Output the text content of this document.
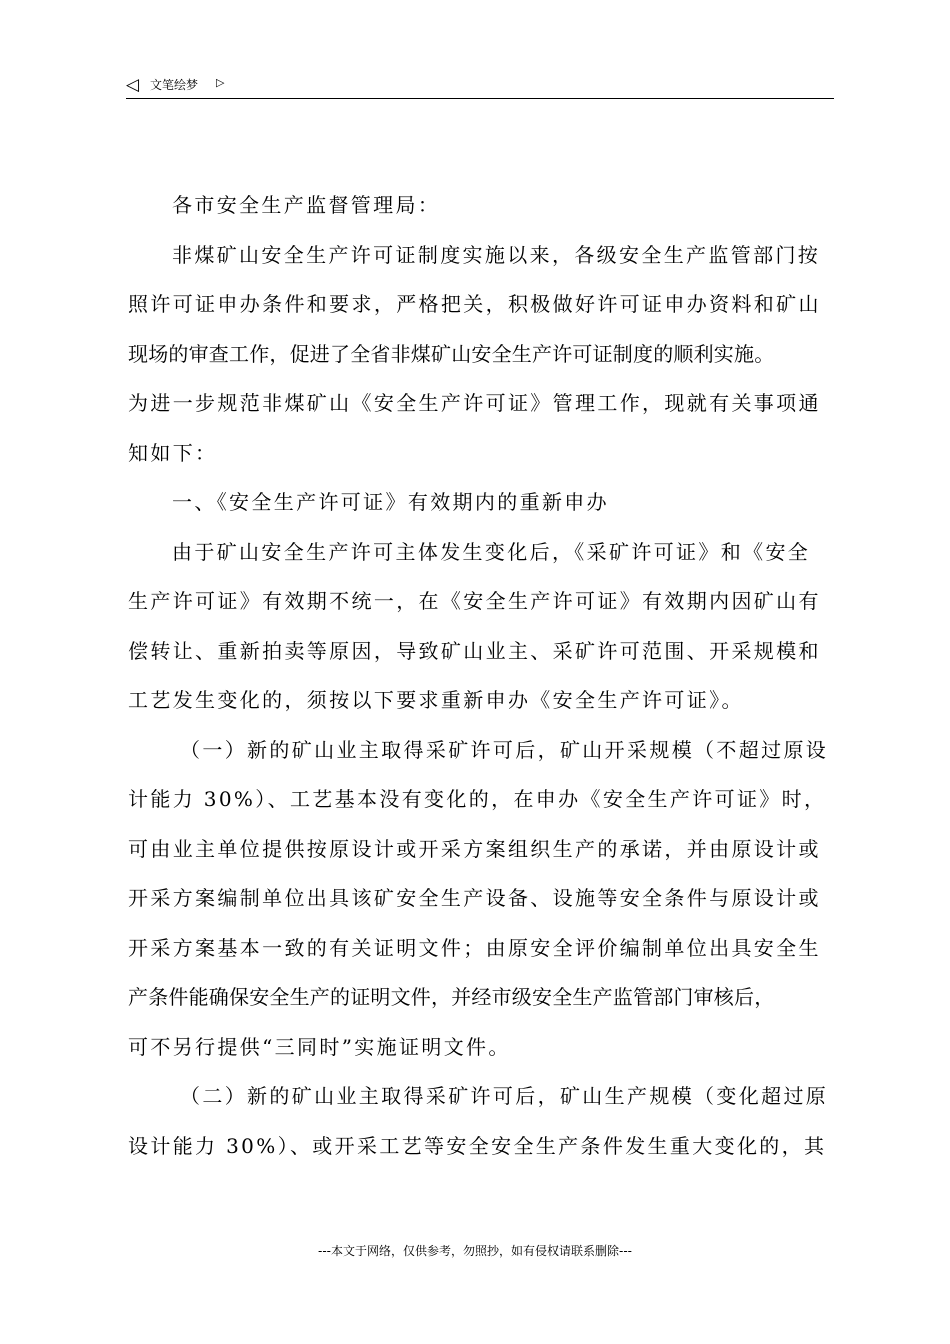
◁ 文笔绘梦 ▷
各市安全生产监督管理局：
非煤矿山安全生产许可证制度实施以来，各级安全生产监管部门按
照许可证申办条件和要求，严格把关，积极做好许可证申办资料和矿山
现场的审查工作，促进了全省非煤矿山安全生产许可证制度的顺利实施。
为进一步规范非煤矿山《安全生产许可证》管理工作，现就有关事项通
知如下：
一、《安全生产许可证》有效期内的重新申办
由于矿山安全生产许可主体发生变化后，《采矿许可证》和《安全
生产许可证》有效期不统一，在《安全生产许可证》有效期内因矿山有
偿转让、重新拍卖等原因，导致矿山业主、采矿许可范围、开采规模和
工艺发生变化的，须按以下要求重新申办《安全生产许可证》。
（一）新的矿山业主取得采矿许可后，矿山开采规模（不超过原设
计能力 30%）、工艺基本没有变化的，在申办《安全生产许可证》时，
可由业主单位提供按原设计或开采方案组织生产的承诺，并由原设计或
开采方案编制单位出具该矿安全生产设备、设施等安全条件与原设计或
开采方案基本一致的有关证明文件；由原安全评价编制单位出具安全生
产条件能确保安全生产的证明文件，并经市级安全生产监管部门审核后，
可不另行提供“三同时”实施证明文件。
（二）新的矿山业主取得采矿许可后，矿山生产规模（变化超过原
设计能力 30%）、或开采工艺等安全安全生产条件发生重大变化的，其
---本文于网络，仅供参考，勿照抄，如有侵权请联系删除---
